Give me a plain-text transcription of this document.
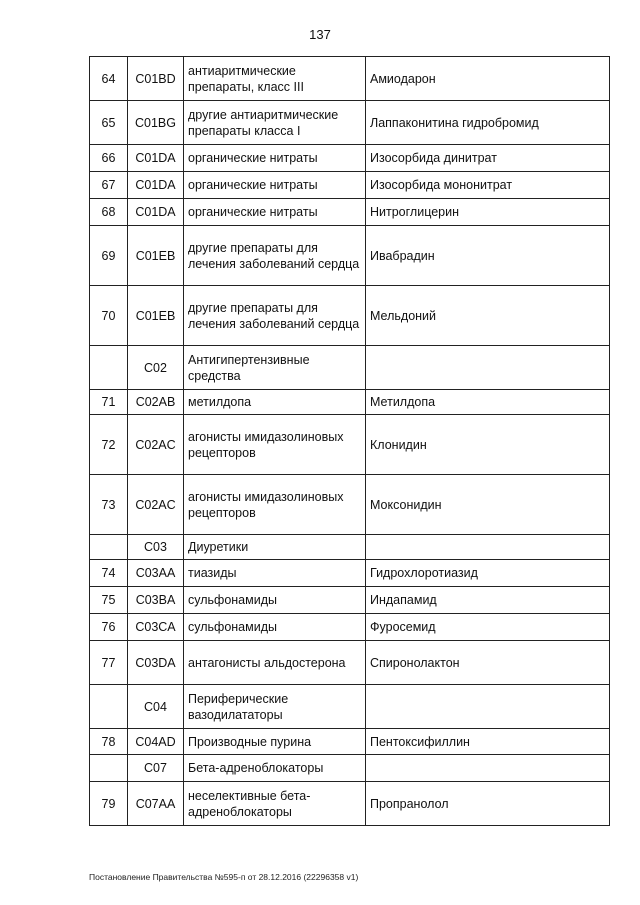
137
64	C01BD	антиаритмические препараты, класс III	Амиодарон
65	C01BG	другие антиаритмические препараты класса I	Лаппаконитина гидробромид
66	C01DA	органические нитраты	Изосорбида динитрат
67	C01DA	органические нитраты	Изосорбида мононитрат
68	C01DA	органические нитраты	Нитроглицерин
69	C01EB	другие препараты для лечения заболеваний сердца	Ивабрадин
70	C01EB	другие препараты для лечения заболеваний сердца	Мельдоний
	C02	Антигипертензивные средства	
71	C02AB	метилдопа	Метилдопа
72	C02AC	агонисты имидазолиновых рецепторов	Клонидин
73	C02AC	агонисты имидазолиновых рецепторов	Моксонидин
	C03	Диуретики	
74	C03AA	тиазиды	Гидрохлоротиазид
75	C03BA	сульфонамиды	Индапамид
76	C03CA	сульфонамиды	Фуросемид
77	C03DA	антагонисты альдостерона	Спиронолактон
	C04	Периферические вазодилататоры	
78	C04AD	Производные пурина	Пентоксифиллин
	C07	Бета-адреноблокаторы	
79	C07AA	неселективные бета-адреноблокаторы	Пропранолол
Постановление Правительства №595-п от 28.12.2016 (22296358 v1)
